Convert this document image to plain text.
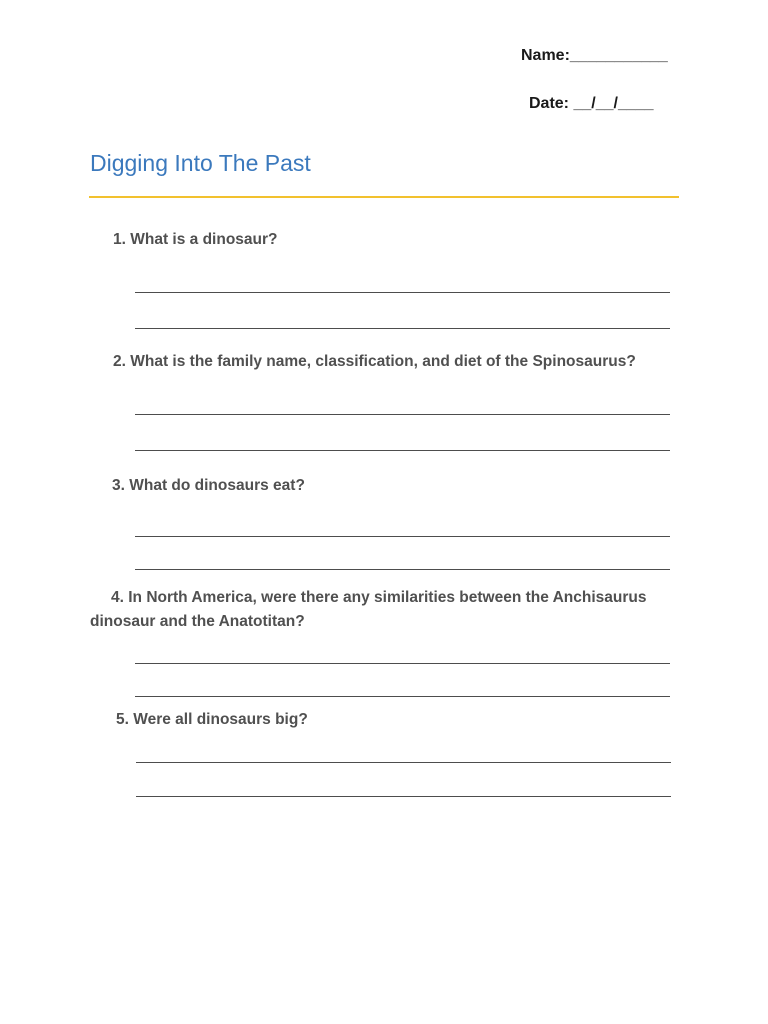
Name:___________
Date: __/__/____
Digging Into The Past
1. What is a dinosaur?
2. What is the family name, classification, and diet of the Spinosaurus?
3. What do dinosaurs eat?
4. In North America, were there any similarities between the Anchisaurus dinosaur and the Anatotitan?
5. Were all dinosaurs big?
